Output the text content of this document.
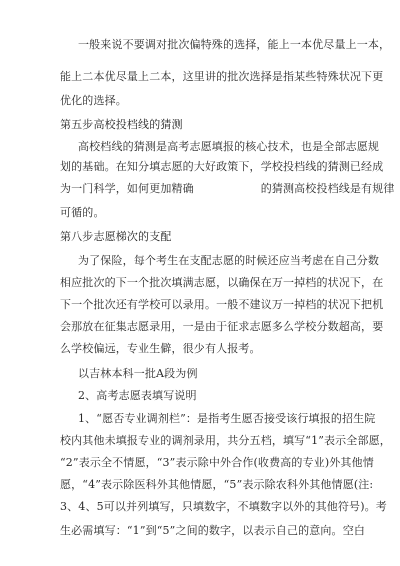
一般来说不要调对批次偏特殊的选择，能上一本优尽量上一本，
能上二本优尽量上二本，这里讲的批次选择是指某些特殊状况下更
优化的选择。
第五步高校投档线的猜测
高校档线的猜测是高考志愿填报的核心技术，也是全部志愿规
划的基础。在知分填志愿的大好政策下，学校投档线的猜测已经成
为一门科学，如何更加精确　　　　　　的猜测高校投档线是有规律
可循的。
第八步志愿梯次的支配
为了保险，每个考生在支配志愿的时候还应当考虑在自己分数
相应批次的下一个批次填满志愿，以确保在万一掉档的状况下，在
下一个批次还有学校可以录用。一般不建议万一掉档的状况下把机
会那放在征集志愿录用，一是由于征求志愿多么学校分数超高，要
么学校偏远，专业生僻，很少有人报考。
以吉林本科一批A段为例
2、高考志愿表填写说明
1、“愿否专业调剂栏”：是指考生愿否接受该行填报的招生院
校内其他未填报专业的调剂录用，共分五档，填写“1”表示全部愿，
“2”表示全不情愿，“3”表示除中外合作(收费高的专业)外其他情
愿，“4”表示除医科外其他情愿，“5”表示除农科外其他情愿(注:
3、4、5可以并列填写，只填数字，不填数字以外的其他符号)。考
生必需填写：“1”到“5”之间的数字，以表示自己的意向。空白
